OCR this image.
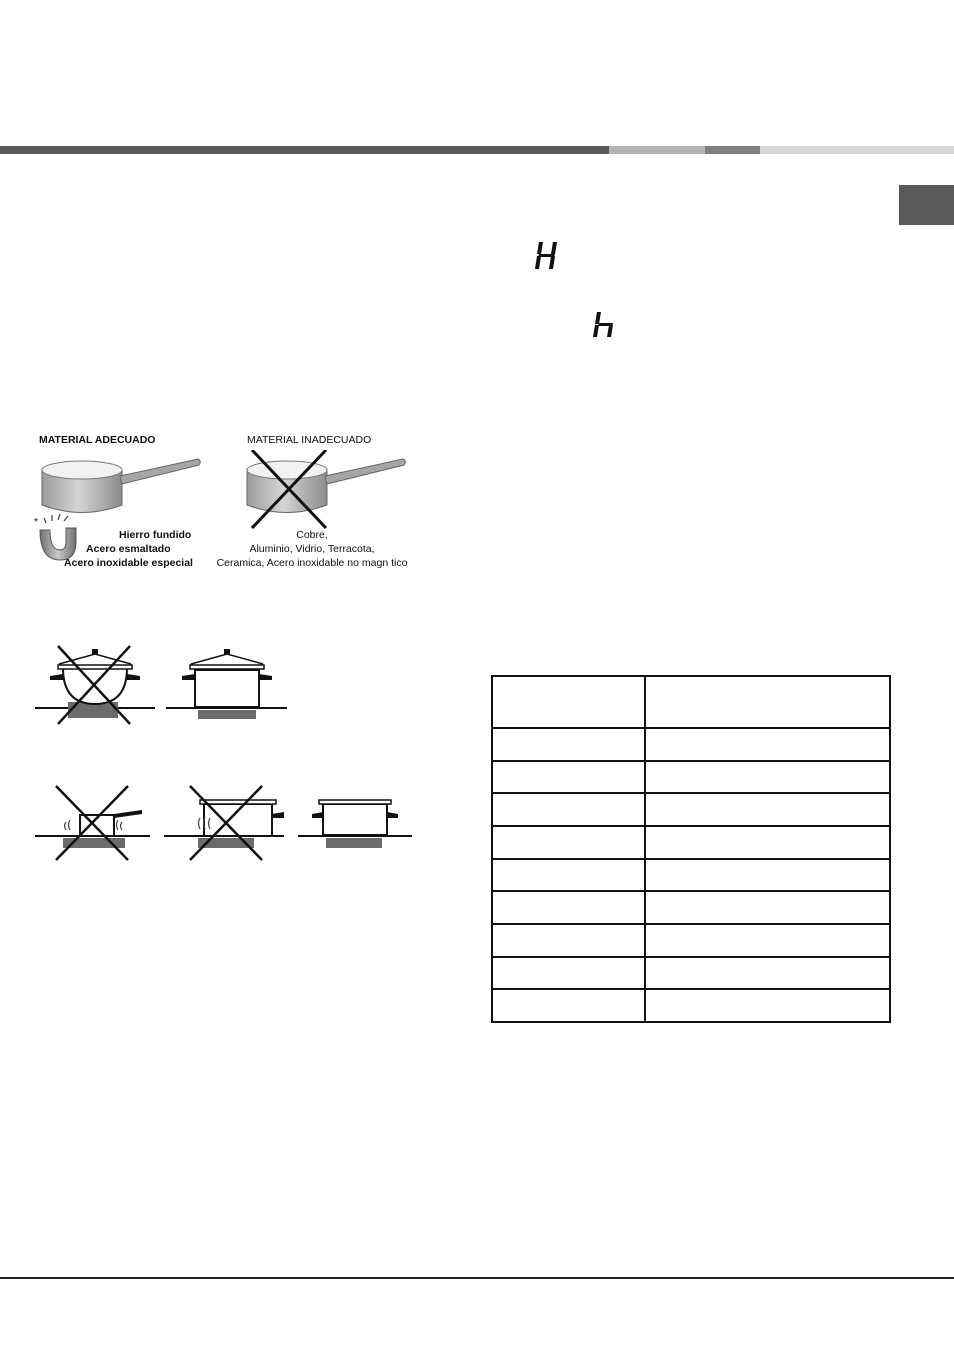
MATERIAL ADECUADO	MATERIAL INADECUADO
*
Hierro fundido
Acero esmaltado
Acero inoxidable especial
Cobre,
Aluminio, Vidrio, Terracota,
Ceramica, Acero inoxidable no magn tico
